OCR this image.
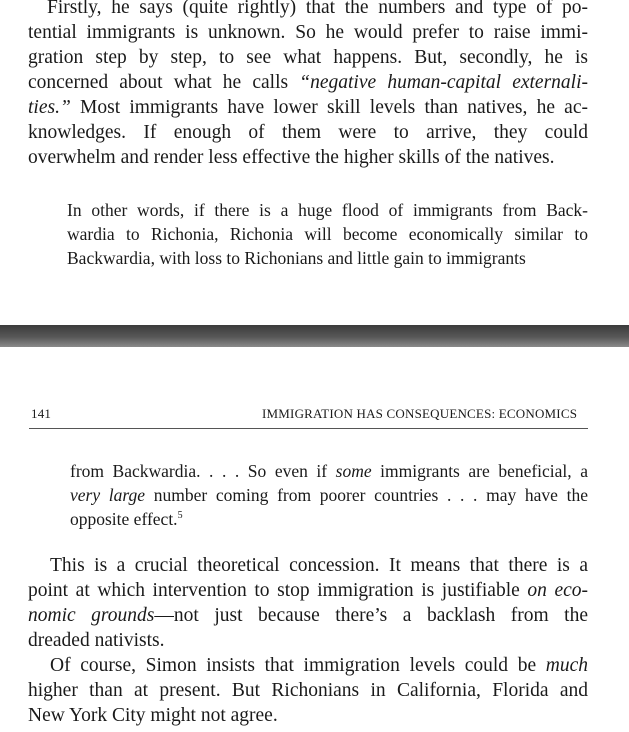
Firstly, he says (quite rightly) that the numbers and type of po-
tential immigrants is unknown. So he would prefer to raise immi-
gration step by step, to see what happens. But, secondly, he is
concerned about what he calls “negative human-capital externali-
ties.” Most immigrants have lower skill levels than natives, he ac-
knowledges. If enough of them were to arrive, they could
overwhelm and render less effective the higher skills of the natives.
In other words, if there is a huge flood of immigrants from Back-
wardia to Richonia, Richonia will become economically similar to
Backwardia, with loss to Richonians and little gain to immigrants
141	IMMIGRATION HAS CONSEQUENCES: ECONOMICS
from Backwardia. . . . So even if some immigrants are beneficial, a
very large number coming from poorer countries . . . may have the
opposite effect.$^5$
This is a crucial theoretical concession. It means that there is a
point at which intervention to stop immigration is justifiable on eco-
nomic grounds—not just because there’s a backlash from the
dreaded nativists.
Of course, Simon insists that immigration levels could be much
higher than at present. But Richonians in California, Florida and
New York City might not agree.
